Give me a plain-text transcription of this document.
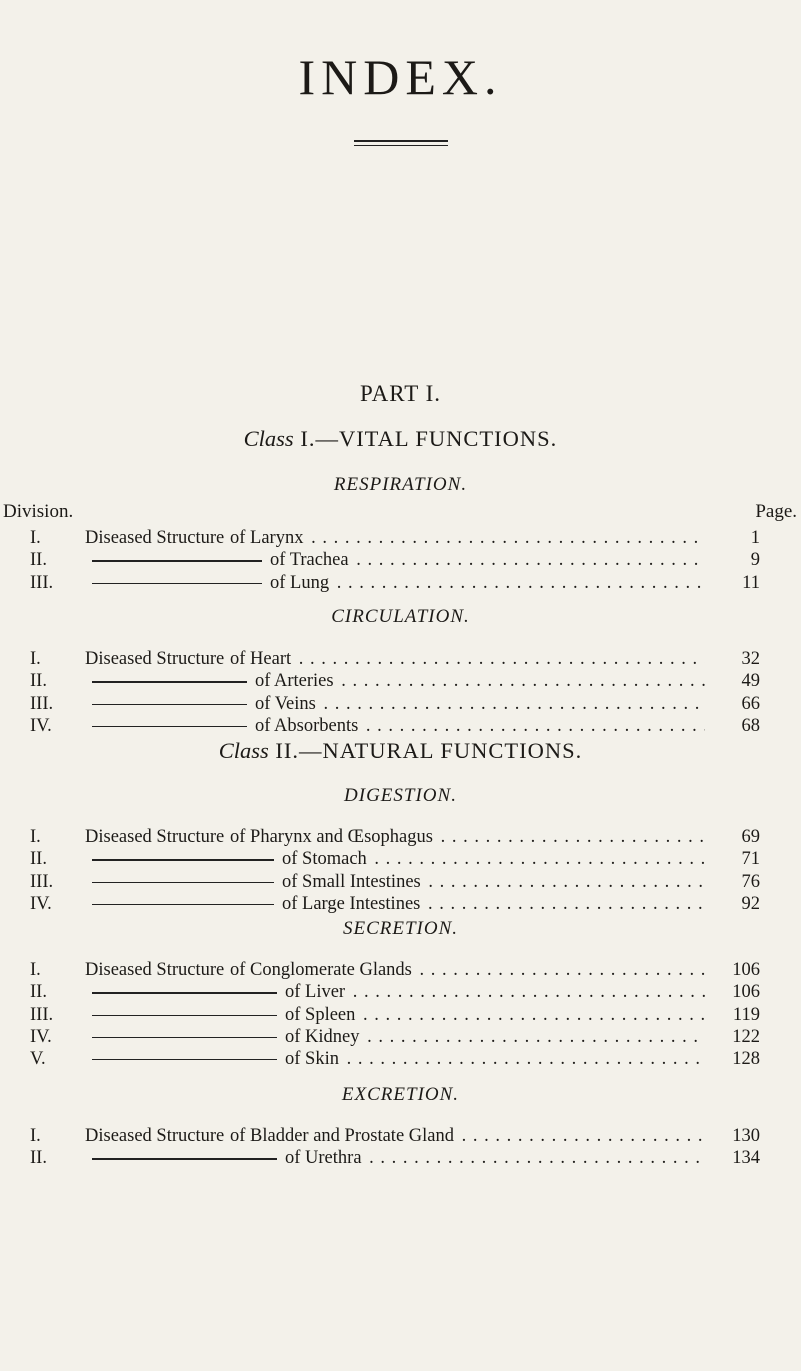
INDEX.
PART I.
Class I.—VITAL FUNCTIONS.
RESPIRATION.
Division.	Page.
I.	Diseased Structure of Larynx . . .	1
II.	of Trachea . . .	9
III.	of Lung . . .	11
CIRCULATION.
I.	Diseased Structure of Heart . . .	32
II.	of Arteries . . .	49
III.	of Veins . . .	66
IV.	of Absorbents . . .	68
Class II.—NATURAL FUNCTIONS.
DIGESTION.
I.	Diseased Structure of Pharynx and Œsophagus . . .	69
II.	of Stomach . . .	71
III.	of Small Intestines . . .	76
IV.	of Large Intestines . . .	92
SECRETION.
I.	Diseased Structure of Conglomerate Glands . . .	106
II.	of Liver . . .	106
III.	of Spleen . . .	119
IV.	of Kidney . . .	122
V.	of Skin . . .	128
EXCRETION.
I.	Diseased Structure of Bladder and Prostate Gland . . .	130
II.	of Urethra . . .	134
